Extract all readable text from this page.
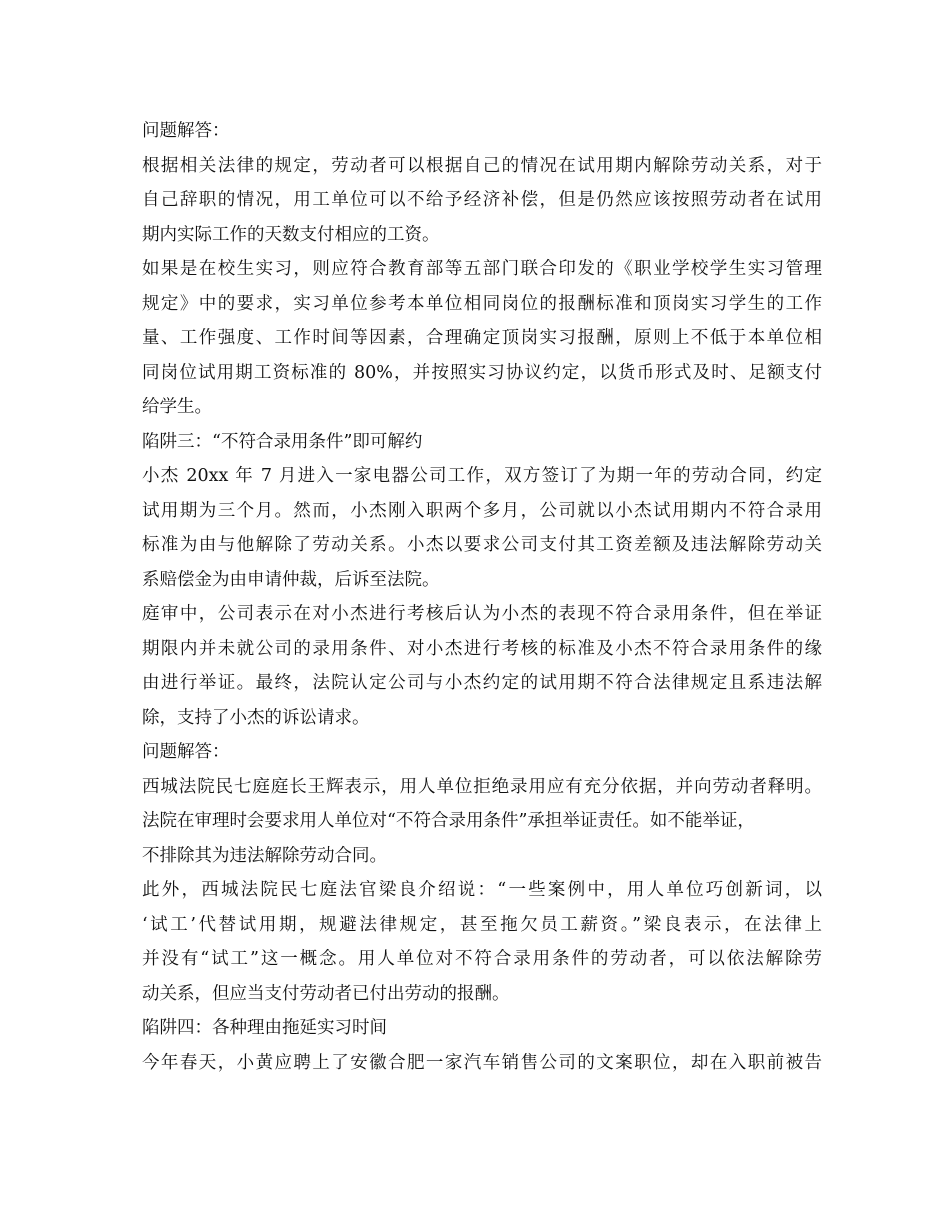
问题解答：
根据相关法律的规定，劳动者可以根据自己的情况在试用期内解除劳动关系，对于
自己辞职的情况，用工单位可以不给予经济补偿，但是仍然应该按照劳动者在试用
期内实际工作的天数支付相应的工资。
如果是在校生实习，则应符合教育部等五部门联合印发的《职业学校学生实习管理
规定》中的要求，实习单位参考本单位相同岗位的报酬标准和顶岗实习学生的工作
量、工作强度、工作时间等因素，合理确定顶岗实习报酬，原则上不低于本单位相
同岗位试用期工资标准的 80%，并按照实习协议约定，以货币形式及时、足额支付
给学生。
陷阱三：“不符合录用条件”即可解约
小杰 20xx 年 7 月进入一家电器公司工作，双方签订了为期一年的劳动合同，约定
试用期为三个月。然而，小杰刚入职两个多月，公司就以小杰试用期内不符合录用
标准为由与他解除了劳动关系。小杰以要求公司支付其工资差额及违法解除劳动关
系赔偿金为由申请仲裁，后诉至法院。
庭审中，公司表示在对小杰进行考核后认为小杰的表现不符合录用条件，但在举证
期限内并未就公司的录用条件、对小杰进行考核的标准及小杰不符合录用条件的缘
由进行举证。最终，法院认定公司与小杰约定的试用期不符合法律规定且系违法解
除，支持了小杰的诉讼请求。
问题解答：
西城法院民七庭庭长王辉表示，用人单位拒绝录用应有充分依据，并向劳动者释明。
法院在审理时会要求用人单位对“不符合录用条件”承担举证责任。如不能举证，
不排除其为违法解除劳动合同。
此外，西城法院民七庭法官梁良介绍说：“一些案例中，用人单位巧创新词，以
‘试工’代替试用期，规避法律规定，甚至拖欠员工薪资。”梁良表示，在法律上
并没有“试工”这一概念。用人单位对不符合录用条件的劳动者，可以依法解除劳
动关系，但应当支付劳动者已付出劳动的报酬。
陷阱四：各种理由拖延实习时间
今年春天，小黄应聘上了安徽合肥一家汽车销售公司的文案职位，却在入职前被告
